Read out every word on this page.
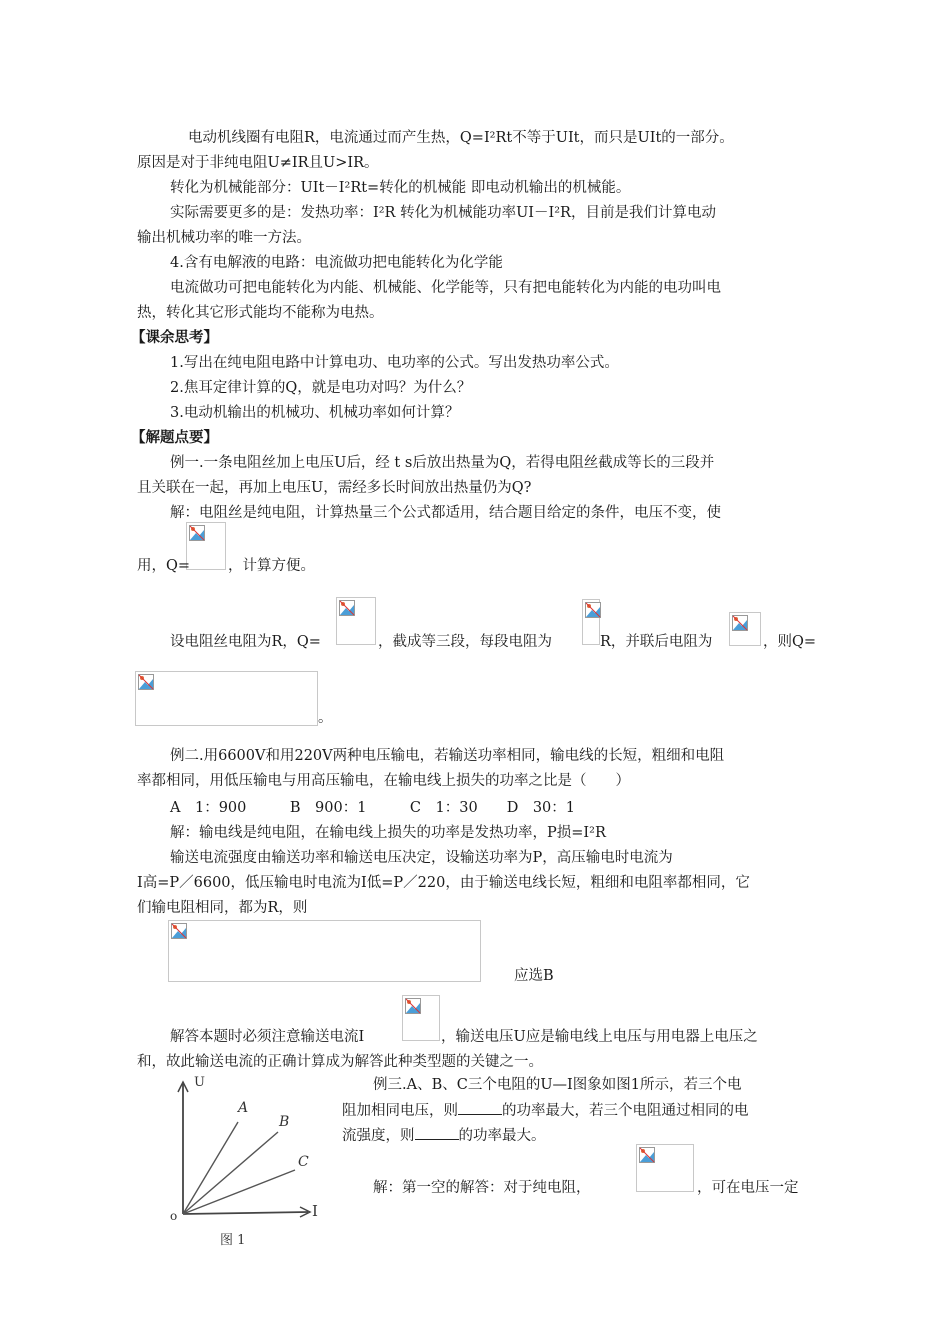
电动机线圈有电阻R，电流通过而产生热，Q=I²Rt不等于UIt，而只是UIt的一部分。
原因是对于非纯电阻U≠IR且U>IR。
转化为机械能部分：UIt－I²Rt=转化的机械能 即电动机输出的机械能。
实际需要更多的是：发热功率：I²R 转化为机械能功率UI－I²R，目前是我们计算电动
输出机械功率的唯一方法。
4.含有电解液的电路：电流做功把电能转化为化学能
电流做功可把电能转化为内能、机械能、化学能等，只有把电能转化为内能的电功叫电
热，转化其它形式能均不能称为电热。
【课余思考】
1.写出在纯电阻电路中计算电功、电功率的公式。写出发热功率公式。
2.焦耳定律计算的Q，就是电功对吗？为什么？
3.电动机输出的机械功、机械功率如何计算？
【解题点要】
例一.一条电阻丝加上电压U后，经 t s后放出热量为Q，若得电阻丝截成等长的三段并
且关联在一起，再加上电压U，需经多长时间放出热量仍为Q?
解：电阻丝是纯电阻，计算热量三个公式都适用，结合题目给定的条件，电压不变，使
用，Q=	，计算方便。
设电阻丝电阻为R，Q=	，截成等三段，每段电阻为	R，并联后电阻为	，则Q=
。
例二.用6600V和用220V两种电压输电，若输送功率相同，输电线的长短，粗细和电阻
率都相同，用低压输电与用高压输电，在输电线上损失的功率之比是（　　）
A　1：900　　　B　900：1　　　C　1：30　　D　30：1
解：输电线是纯电阻，在输电线上损失的功率是发热功率，P损=I²R
输送电流强度由输送功率和输送电压决定，设输送功率为P，高压输电时电流为
I高=P／6600，低压输电时电流为I低=P／220，由于输送电线长短，粗细和电阻率都相同，它
们输电阻相同，都为R，则
应选B
解答本题时必须注意输送电流I	，输送电压U应是输电线上电压与用电器上电压之
和，故此输送电流的正确计算成为解答此种类型题的关键之一。
U
I
o
A
B
C
图 1
例三.A、B、C三个电阻的U—I图象如图1所示，若三个电
阻加相同电压，则	的功率最大，若三个电阻通过相同的电
流强度，则	的功率最大。
解：第一空的解答：对于纯电阻，	，可在电压一定
